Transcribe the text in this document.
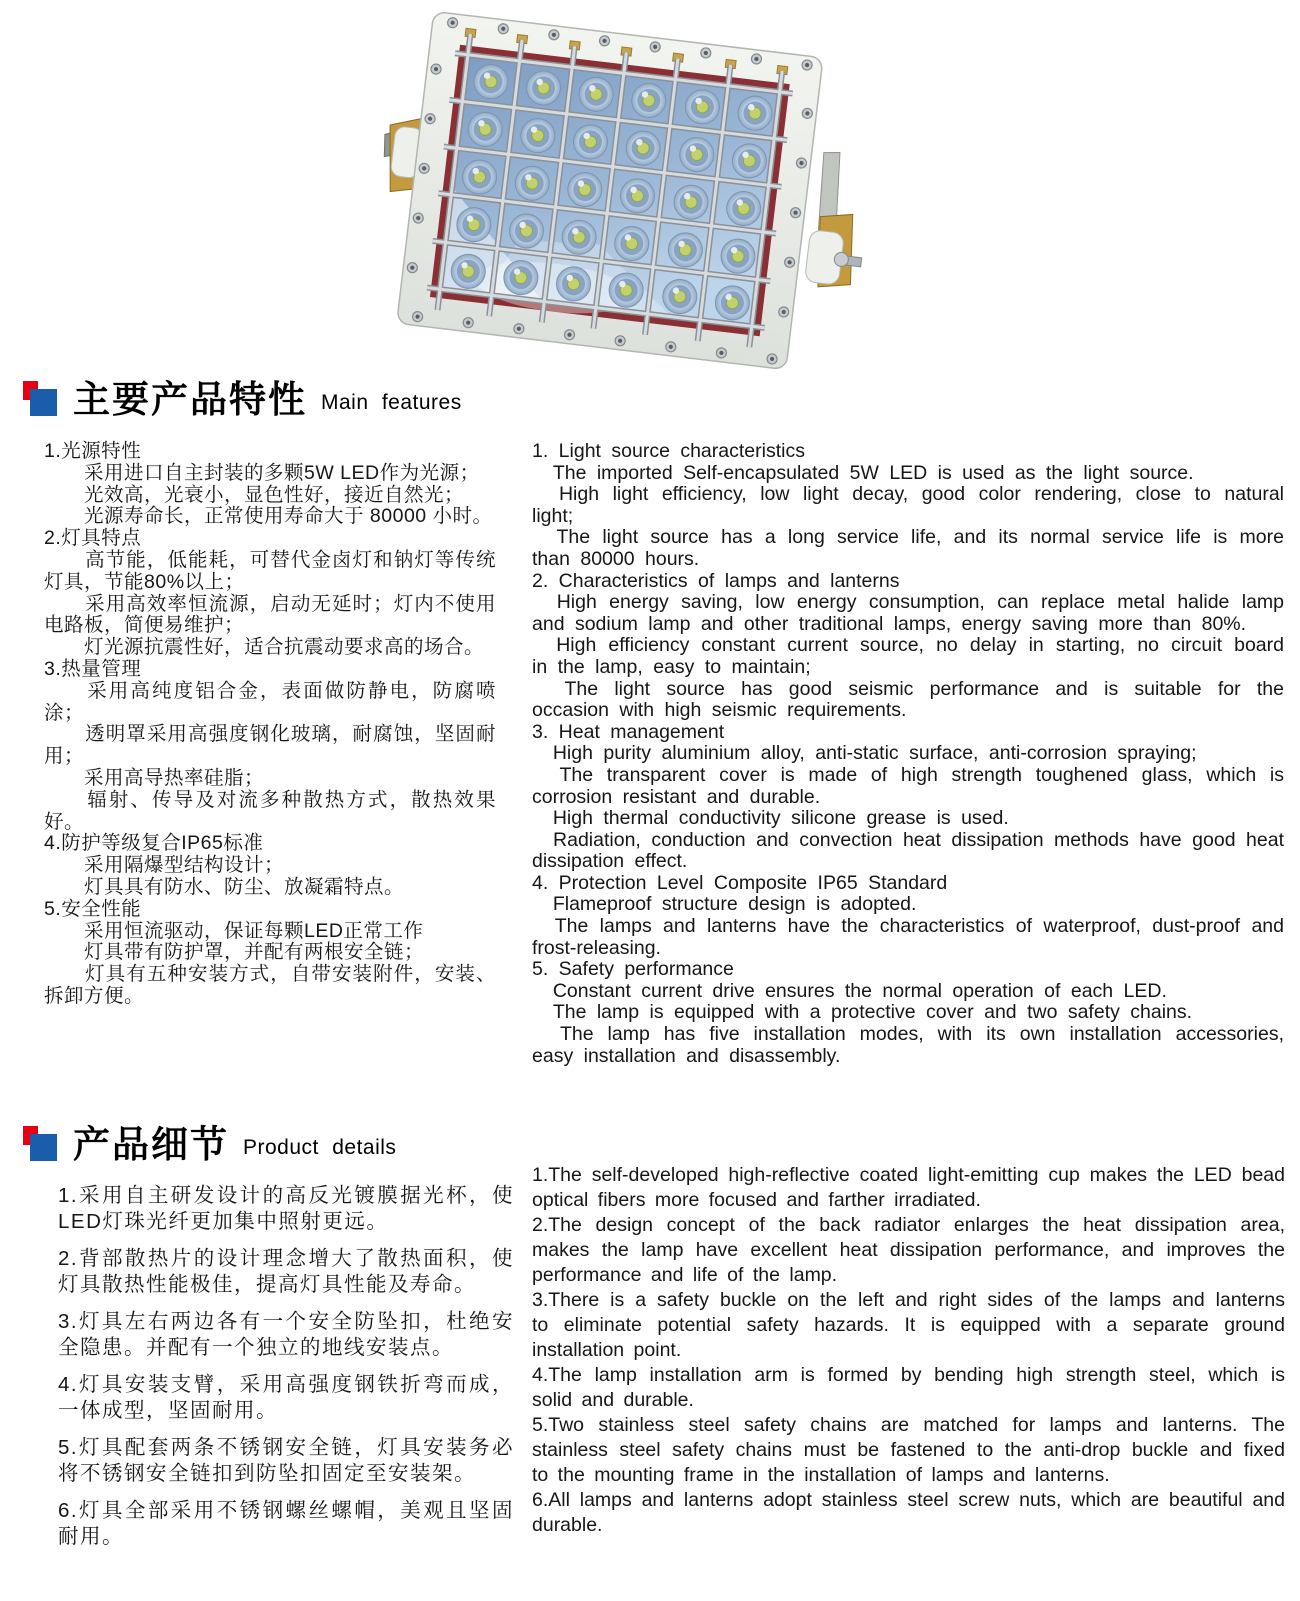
主要产品特性 Main features

1.光源特性

　　采用进口自主封装的多颗5W LED作为光源；

　　光效高，光衰小，显色性好，接近自然光；

　　光源寿命长，正常使用寿命大于 80000 小时。

2.灯具特点

　　高节能，低能耗，可替代金卤灯和钠灯等传统灯具，节能80%以上；

　　采用高效率恒流源，启动无延时；灯内不使用电路板，简便易维护；

　　灯光源抗震性好，适合抗震动要求高的场合。

3.热量管理

　　采用高纯度铝合金，表面做防静电，防腐喷涂；

　　透明罩采用高强度钢化玻璃，耐腐蚀，坚固耐用；

　　采用高导热率硅脂；

　　辐射、传导及对流多种散热方式，散热效果好。

4.防护等级复合IP65标准

　　采用隔爆型结构设计；

　　灯具具有防水、防尘、放凝霜特点。

5.安全性能

　　采用恒流驱动，保证每颗LED正常工作

　　灯具带有防护罩，并配有两根安全链；

　　灯具有五种安装方式，自带安装附件，安装、拆卸方便。

1. Light source characteristics

The imported Self-encapsulated 5W LED is used as the light source.

High light efficiency, low light decay, good color rendering, close to natural light;

The light source has a long service life, and its normal service life is more than 80000 hours.

2. Characteristics of lamps and lanterns

High energy saving, low energy consumption, can replace metal halide lamp and sodium lamp and other traditional lamps, energy saving more than 80%.

High efficiency constant current source, no delay in starting, no circuit board in the lamp, easy to maintain;

The light source has good seismic performance and is suitable for the occasion with high seismic requirements.

3. Heat management

High purity aluminium alloy, anti-static surface, anti-corrosion spraying;

The transparent cover is made of high strength toughened glass, which is corrosion resistant and durable.

High thermal conductivity silicone grease is used.

Radiation, conduction and convection heat dissipation methods have good heat dissipation effect.

4. Protection Level Composite IP65 Standard

Flameproof structure design is adopted.

The lamps and lanterns have the characteristics of waterproof, dust-proof and frost-releasing.

5. Safety performance

Constant current drive ensures the normal operation of each LED.

The lamp is equipped with a protective cover and two safety chains.

The lamp has five installation modes, with its own installation accessories, easy installation and disassembly.

产品细节 Product details

1.采用自主研发设计的高反光镀膜据光杯，使LED灯珠光纤更加集中照射更远。

2.背部散热片的设计理念增大了散热面积，使灯具散热性能极佳，提高灯具性能及寿命。

3.灯具左右两边各有一个安全防坠扣，杜绝安全隐患。并配有一个独立的地线安装点。

4.灯具安装支臂，采用高强度钢铁折弯而成，一体成型，坚固耐用。

5.灯具配套两条不锈钢安全链，灯具安装务必将不锈钢安全链扣到防坠扣固定至安装架。

6.灯具全部采用不锈钢螺丝螺帽，美观且坚固耐用。

1.The self-developed high-reflective coated light-emitting cup makes the LED bead optical fibers more focused and farther irradiated.

2.The design concept of the back radiator enlarges the heat dissipation area, makes the lamp have excellent heat dissipation performance, and improves the performance and life of the lamp.

3.There is a safety buckle on the left and right sides of the lamps and lanterns to eliminate potential safety hazards. It is equipped with a separate ground installation point.

4.The lamp installation arm is formed by bending high strength steel, which is solid and durable.

5.Two stainless steel safety chains are matched for lamps and lanterns. The stainless steel safety chains must be fastened to the anti-drop buckle and fixed to the mounting frame in the installation of lamps and lanterns.

6.All lamps and lanterns adopt stainless steel screw nuts, which are beautiful and durable.
